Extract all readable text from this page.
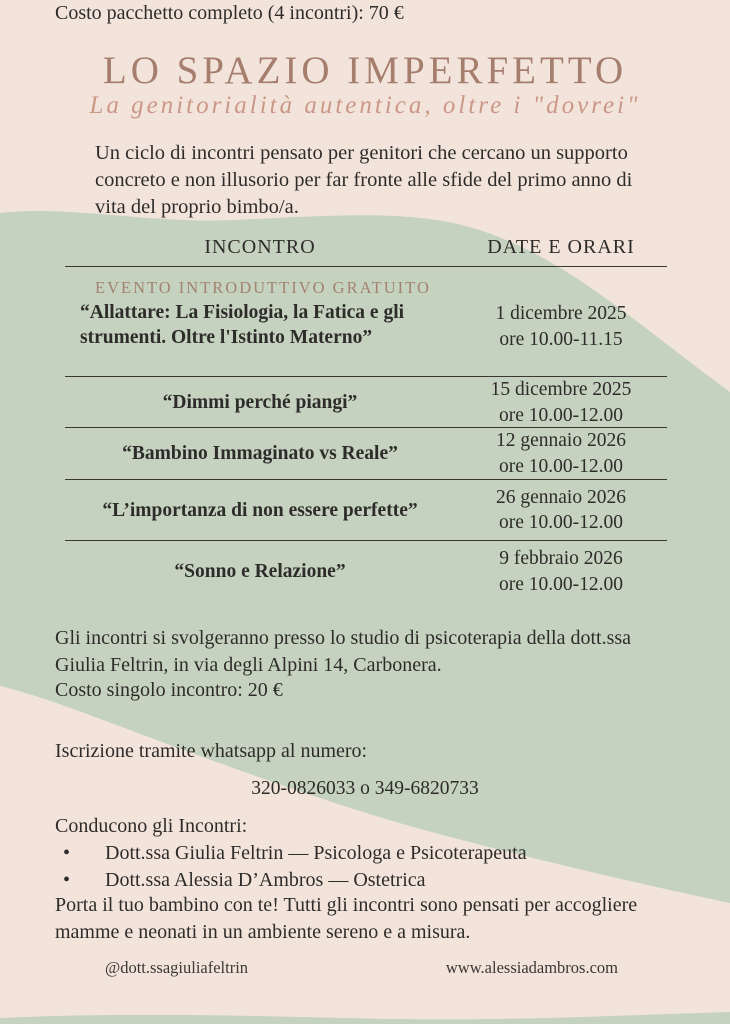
LO SPAZIO IMPERFETTO
La genitorialità autentica, oltre i "dovrei"
Un ciclo di incontri pensato per genitori che cercano un supporto concreto e non illusorio per far fronte alle sfide del primo anno di vita del proprio bimbo/a.
INCONTRO	DATE E ORARI
EVENTO INTRODUTTIVO GRATUITO
“Allattare: La Fisiologia, la Fatica e gli strumenti. Oltre l'Istinto Materno”
1 dicembre 2025
ore 10.00-11.15
“Dimmi perché piangi”
15 dicembre 2025
ore 10.00-12.00
“Bambino Immaginato vs Reale”
12 gennaio 2026
ore 10.00-12.00
“L’importanza di non essere perfette”
26 gennaio 2026
ore 10.00-12.00
“Sonno e Relazione”
9 febbraio 2026
ore 10.00-12.00
Gli incontri si svolgeranno presso lo studio di psicoterapia della dott.ssa Giulia Feltrin, in via degli Alpini 14, Carbonera.
Costo singolo incontro: 20 €
Costo pacchetto completo (4 incontri): 70 €
Iscrizione tramite whatsapp al numero:
320-0826033 o 349-6820733
Conducono gli Incontri:
• Dott.ssa Giulia Feltrin — Psicologa e Psicoterapeuta
• Dott.ssa Alessia D’Ambros — Ostetrica
Porta il tuo bambino con te! Tutti gli incontri sono pensati per accogliere mamme e neonati in un ambiente sereno e a misura.
@dott.ssagiuliafeltrin	www.alessiadambros.com
